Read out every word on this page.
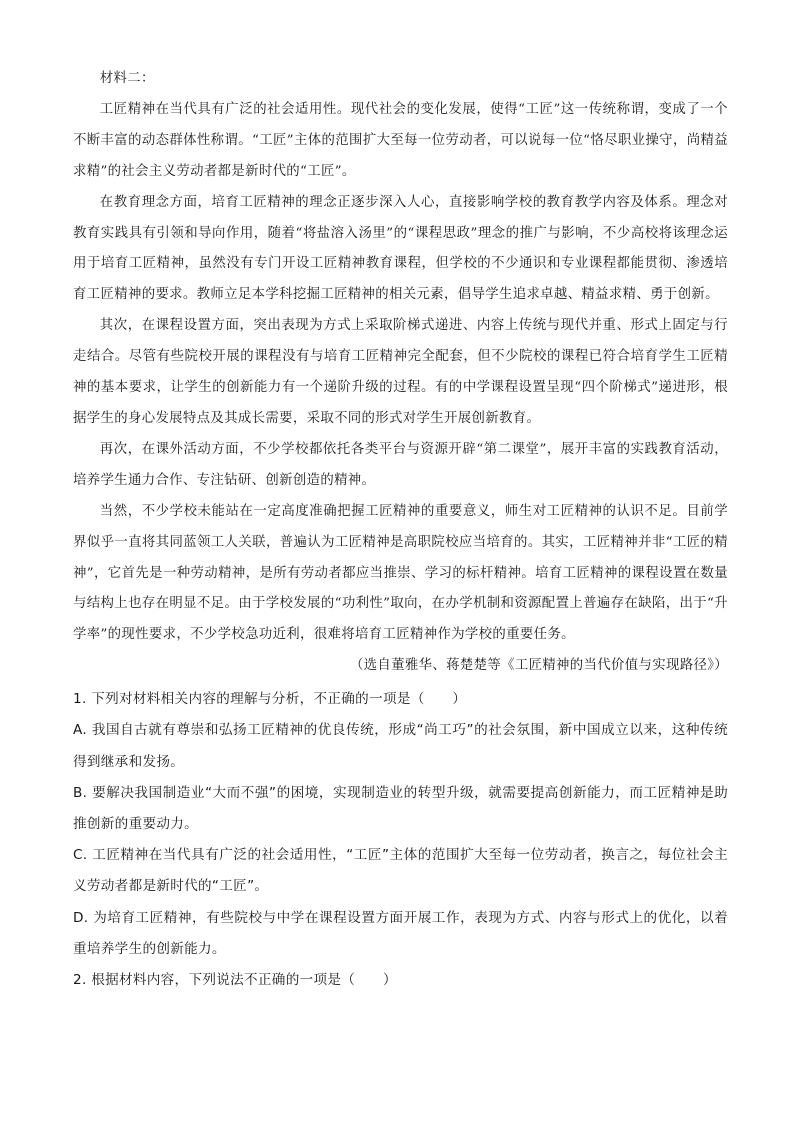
材料二：

工匠精神在当代具有广泛的社会适用性。现代社会的变化发展，使得“工匠”这一传统称谓，变成了一个不断丰富的动态群体性称谓。“工匠”主体的范围扩大至每一位劳动者，可以说每一位“恪尽职业操守，尚精益求精”的社会主义劳动者都是新时代的“工匠”。

在教育理念方面，培育工匠精神的理念正逐步深入人心，直接影响学校的教育教学内容及体系。理念对教育实践具有引领和导向作用，随着“将盐溶入汤里”的“课程思政”理念的推广与影响，不少高校将该理念运用于培育工匠精神，虽然没有专门开设工匠精神教育课程，但学校的不少通识和专业课程都能贯彻、渗透培育工匠精神的要求。教师立足本学科挖掘工匠精神的相关元素，倡导学生追求卓越、精益求精、勇于创新。

其次，在课程设置方面，突出表现为方式上采取阶梯式递进、内容上传统与现代并重、形式上固定与行走结合。尽管有些院校开展的课程没有与培育工匠精神完全配套，但不少院校的课程已符合培育学生工匠精神的基本要求，让学生的创新能力有一个递阶升级的过程。有的中学课程设置呈现“四个阶梯式”递进形，根据学生的身心发展特点及其成长需要，采取不同的形式对学生开展创新教育。

再次，在课外活动方面，不少学校都依托各类平台与资源开辟“第二课堂”，展开丰富的实践教育活动，培养学生通力合作、专注钻研、创新创造的精神。

当然，不少学校未能站在一定高度准确把握工匠精神的重要意义，师生对工匠精神的认识不足。目前学界似乎一直将其同蓝领工人关联，普遍认为工匠精神是高职院校应当培育的。其实，工匠精神并非“工匠的精神”，它首先是一种劳动精神，是所有劳动者都应当推崇、学习的标杆精神。培育工匠精神的课程设置在数量与结构上也存在明显不足。由于学校发展的“功利性”取向，在办学机制和资源配置上普遍存在缺陷，出于“升学率”的现性要求，不少学校急功近利，很难将培育工匠精神作为学校的重要任务。

（选自董雅华、蒋楚楚等《工匠精神的当代价值与实现路径》）

1. 下列对材料相关内容的理解与分析，不正确的一项是（　　）

A. 我国自古就有尊崇和弘扬工匠精神的优良传统，形成“尚工巧”的社会氛围，新中国成立以来，这种传统得到继承和发扬。

B. 要解决我国制造业“大而不强”的困境，实现制造业的转型升级，就需要提高创新能力，而工匠精神是助推创新的重要动力。

C. 工匠精神在当代具有广泛的社会适用性，“工匠”主体的范围扩大至每一位劳动者，换言之，每位社会主义劳动者都是新时代的“工匠”。

D. 为培育工匠精神，有些院校与中学在课程设置方面开展工作，表现为方式、内容与形式上的优化，以着重培养学生的创新能力。

2. 根据材料内容，下列说法不正确的一项是（　　）
